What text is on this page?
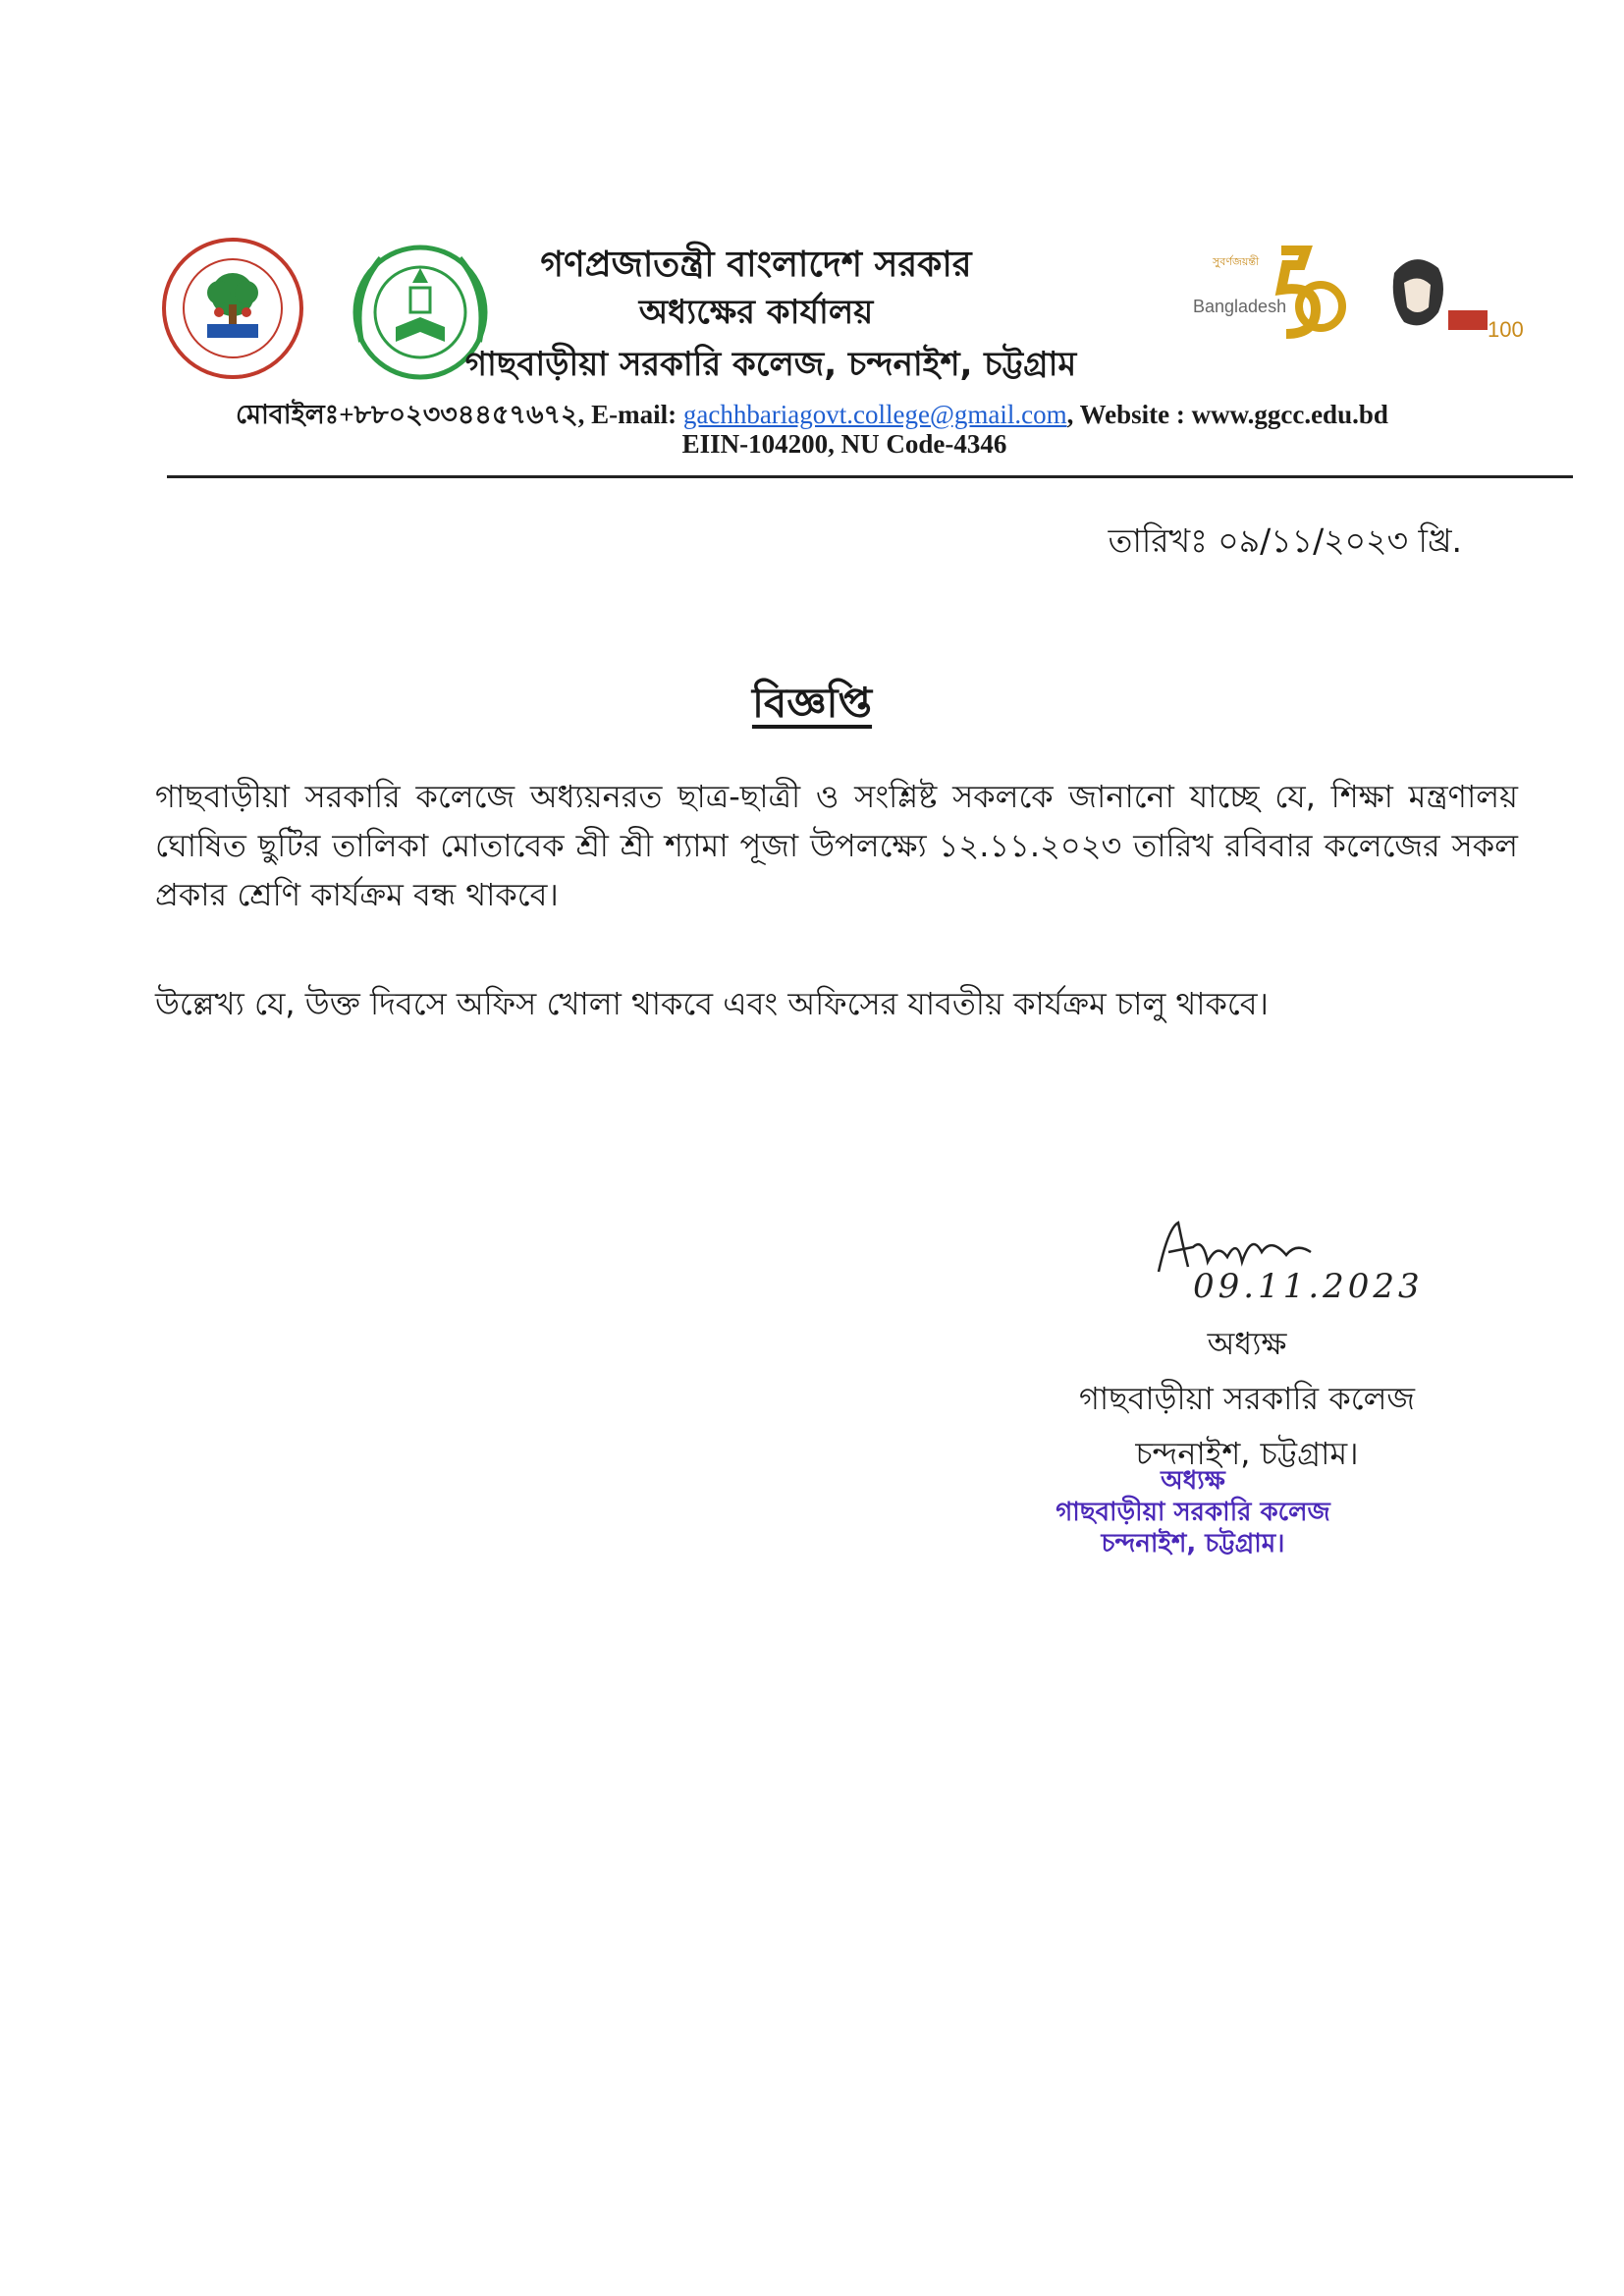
গণপ্রজাতন্ত্রী বাংলাদেশ সরকার
অধ্যক্ষের কার্যালয়
গাছবাড়ীয়া সরকারি কলেজ, চন্দনাইশ, চট্টগ্রাম
সুবর্ণজয়ন্তী
Bangladesh
100
মোবাইলঃ+৮৮০২৩৩৪৪৫৭৬৭২, E-mail: gachhbariagovt.college@gmail.com, Website : www.ggcc.edu.bd
EIIN-104200, NU Code-4346
তারিখঃ ০৯/১১/২০২৩ খ্রি.
বিজ্ঞপ্তি
গাছবাড়ীয়া সরকারি কলেজে অধ্যয়নরত ছাত্র-ছাত্রী ও সংশ্লিষ্ট সকলকে জানানো যাচ্ছে যে, শিক্ষা মন্ত্রণালয় ঘোষিত ছুটির তালিকা মোতাবেক শ্রী শ্রী শ্যামা পূজা উপলক্ষ্যে ১২.১১.২০২৩ তারিখ রবিবার কলেজের সকল প্রকার শ্রেণি কার্যক্রম বন্ধ থাকবে।
উল্লেখ্য যে, উক্ত দিবসে অফিস খোলা থাকবে এবং অফিসের যাবতীয় কার্যক্রম চালু থাকবে।
09.11.2023
অধ্যক্ষ
গাছবাড়ীয়া সরকারি কলেজ
চন্দনাইশ, চট্টগ্রাম।
অধ্যক্ষ
গাছবাড়ীয়া সরকারি কলেজ
চন্দনাইশ, চট্টগ্রাম।
